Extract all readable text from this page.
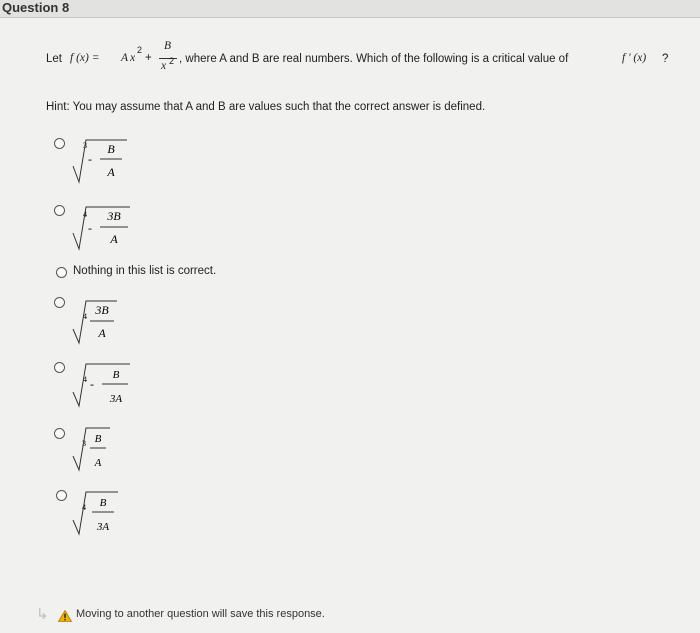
Question 8
Let f (x) = A x
2
+
B
x 2 , where A and B are real numbers. Which of the following is a critical value of	f ' (x) ?
Hint: You may assume that A and B are values such that the correct answer is defined.
3
-
B
A
4
-
3B
A
Nothing in this list is correct.
4 3B
A
4 -
B
3A
3 B
A
4 B
3A
↳ Moving to another question will save this response.
